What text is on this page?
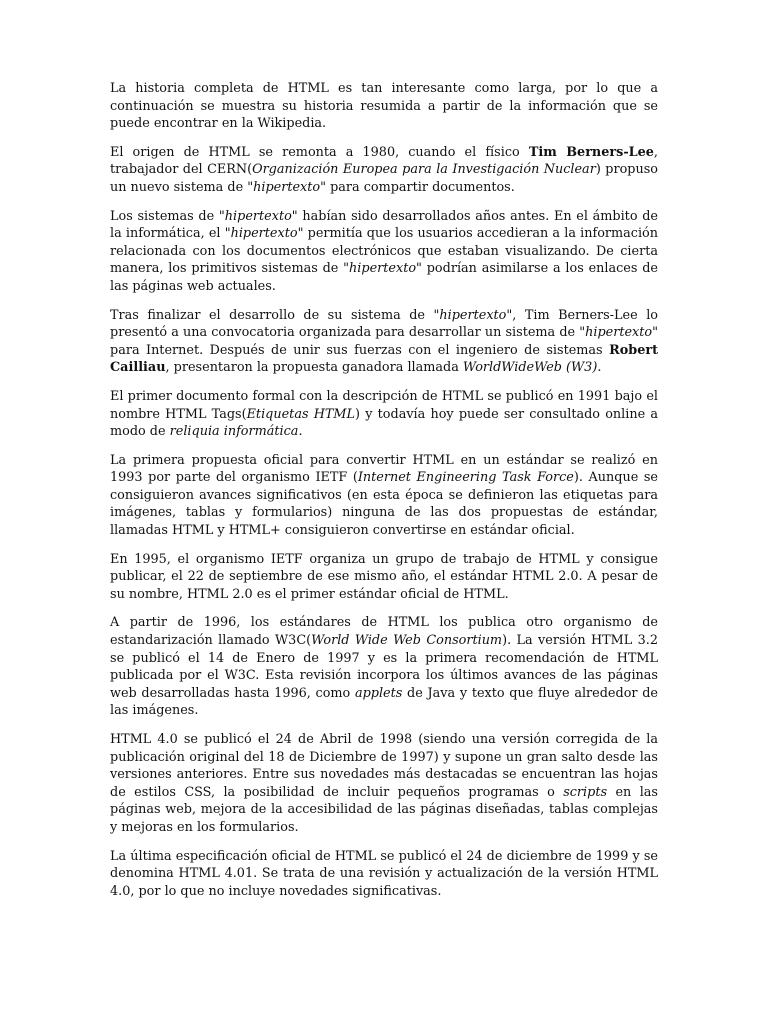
La historia completa de HTML es tan interesante como larga, por lo que a continuación se muestra su historia resumida a partir de la información que se puede encontrar en la Wikipedia.

El origen de HTML se remonta a 1980, cuando el físico Tim Berners-Lee, trabajador del CERN(Organización Europea para la Investigación Nuclear) propuso un nuevo sistema de "hipertexto" para compartir documentos.

Los sistemas de "hipertexto" habían sido desarrollados años antes. En el ámbito de la informática, el "hipertexto" permitía que los usuarios accedieran a la información relacionada con los documentos electrónicos que estaban visualizando. De cierta manera, los primitivos sistemas de "hipertexto" podrían asimilarse a los enlaces de las páginas web actuales.

Tras finalizar el desarrollo de su sistema de "hipertexto", Tim Berners-Lee lo presentó a una convocatoria organizada para desarrollar un sistema de "hipertexto" para Internet. Después de unir sus fuerzas con el ingeniero de sistemas Robert Cailliau, presentaron la propuesta ganadora llamada WorldWideWeb (W3).

El primer documento formal con la descripción de HTML se publicó en 1991 bajo el nombre HTML Tags(Etiquetas HTML) y todavía hoy puede ser consultado online a modo de reliquia informática.

La primera propuesta oficial para convertir HTML en un estándar se realizó en 1993 por parte del organismo IETF (Internet Engineering Task Force). Aunque se consiguieron avances significativos (en esta época se definieron las etiquetas para imágenes, tablas y formularios) ninguna de las dos propuestas de estándar, llamadas HTML y HTML+ consiguieron convertirse en estándar oficial.

En 1995, el organismo IETF organiza un grupo de trabajo de HTML y consigue publicar, el 22 de septiembre de ese mismo año, el estándar HTML 2.0. A pesar de su nombre, HTML 2.0 es el primer estándar oficial de HTML.

A partir de 1996, los estándares de HTML los publica otro organismo de estandarización llamado W3C(World Wide Web Consortium). La versión HTML 3.2 se publicó el 14 de Enero de 1997 y es la primera recomendación de HTML publicada por el W3C. Esta revisión incorpora los últimos avances de las páginas web desarrolladas hasta 1996, como applets de Java y texto que fluye alrededor de las imágenes.

HTML 4.0 se publicó el 24 de Abril de 1998 (siendo una versión corregida de la publicación original del 18 de Diciembre de 1997) y supone un gran salto desde las versiones anteriores. Entre sus novedades más destacadas se encuentran las hojas de estilos CSS, la posibilidad de incluir pequeños programas o scripts en las páginas web, mejora de la accesibilidad de las páginas diseñadas, tablas complejas y mejoras en los formularios.

La última especificación oficial de HTML se publicó el 24 de diciembre de 1999 y se denomina HTML 4.01. Se trata de una revisión y actualización de la versión HTML 4.0, por lo que no incluye novedades significativas.
